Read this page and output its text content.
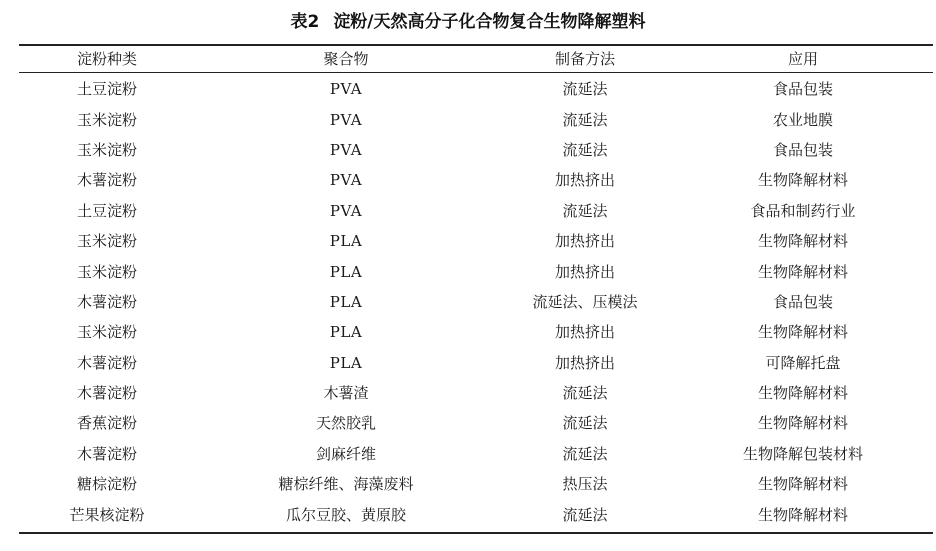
表2 淀粉/天然高分子化合物复合生物降解塑料
淀粉种类	聚合物	制备方法	应用

土豆淀粉	PVA	流延法	食品包装
玉米淀粉	PVA	流延法	农业地膜
玉米淀粉	PVA	流延法	食品包装
木薯淀粉	PVA	加热挤出	生物降解材料
土豆淀粉	PVA	流延法	食品和制药行业
玉米淀粉	PLA	加热挤出	生物降解材料
玉米淀粉	PLA	加热挤出	生物降解材料
木薯淀粉	PLA	流延法、压模法	食品包装
玉米淀粉	PLA	加热挤出	生物降解材料
木薯淀粉	PLA	加热挤出	可降解托盘
木薯淀粉	木薯渣	流延法	生物降解材料
香蕉淀粉	天然胶乳	流延法	生物降解材料
木薯淀粉	剑麻纤维	流延法	生物降解包装材料
糖棕淀粉	糖棕纤维、海藻废料	热压法	生物降解材料
芒果核淀粉	瓜尔豆胶、黄原胶	流延法	生物降解材料
